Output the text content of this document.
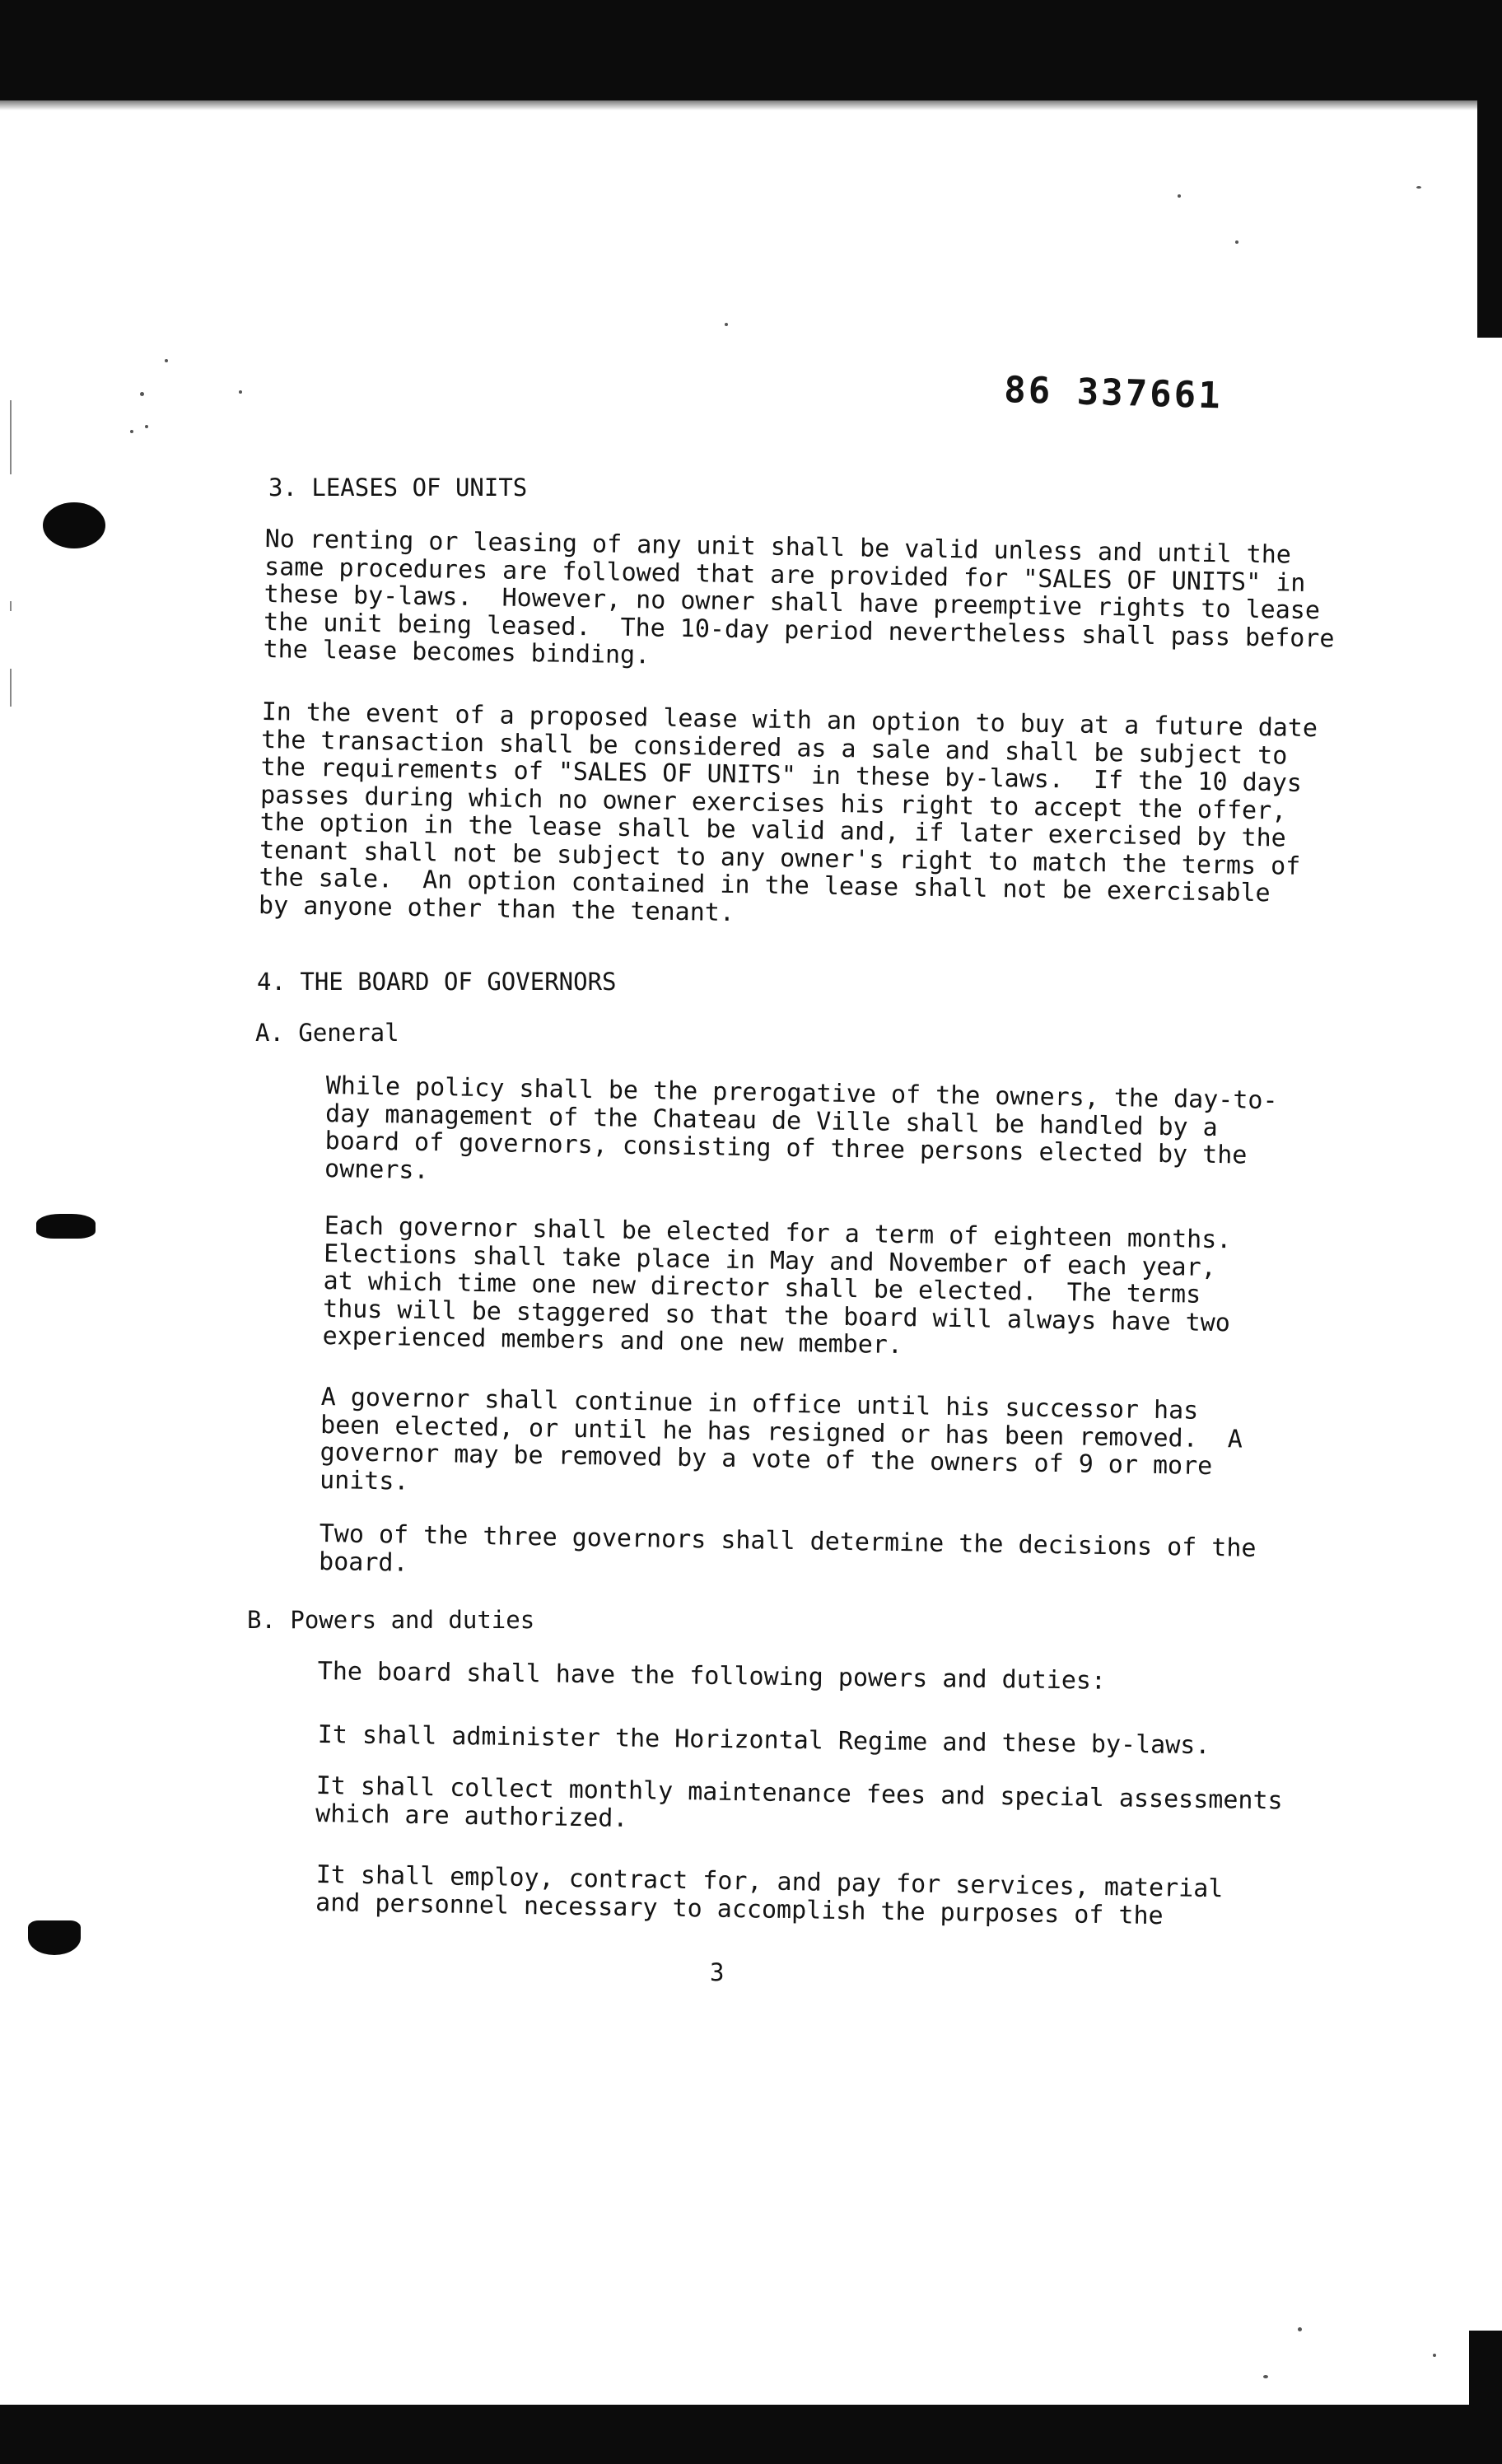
86 337661
3. LEASES OF UNITS

No renting or leasing of any unit shall be valid unless and until the
same procedures are followed that are provided for "SALES OF UNITS" in
these by-laws.  However, no owner shall have preemptive rights to lease
the unit being leased.  The 10-day period nevertheless shall pass before
the lease becomes binding.

In the event of a proposed lease with an option to buy at a future date
the transaction shall be considered as a sale and shall be subject to
the requirements of "SALES OF UNITS" in these by-laws.  If the 10 days
passes during which no owner exercises his right to accept the offer,
the option in the lease shall be valid and, if later exercised by the
tenant shall not be subject to any owner's right to match the terms of
the sale.  An option contained in the lease shall not be exercisable
by anyone other than the tenant.

4. THE BOARD OF GOVERNORS
A. General

While policy shall be the prerogative of the owners, the day-to-
day management of the Chateau de Ville shall be handled by a
board of governors, consisting of three persons elected by the
owners.

Each governor shall be elected for a term of eighteen months.
Elections shall take place in May and November of each year,
at which time one new director shall be elected.  The terms
thus will be staggered so that the board will always have two
experienced members and one new member.

A governor shall continue in office until his successor has
been elected, or until he has resigned or has been removed.  A
governor may be removed by a vote of the owners of 9 or more
units.

Two of the three governors shall determine the decisions of the
board.

B. Powers and duties

The board shall have the following powers and duties:

It shall administer the Horizontal Regime and these by-laws.

It shall collect monthly maintenance fees and special assessments
which are authorized.

It shall employ, contract for, and pay for services, material
and personnel necessary to accomplish the purposes of the

3
